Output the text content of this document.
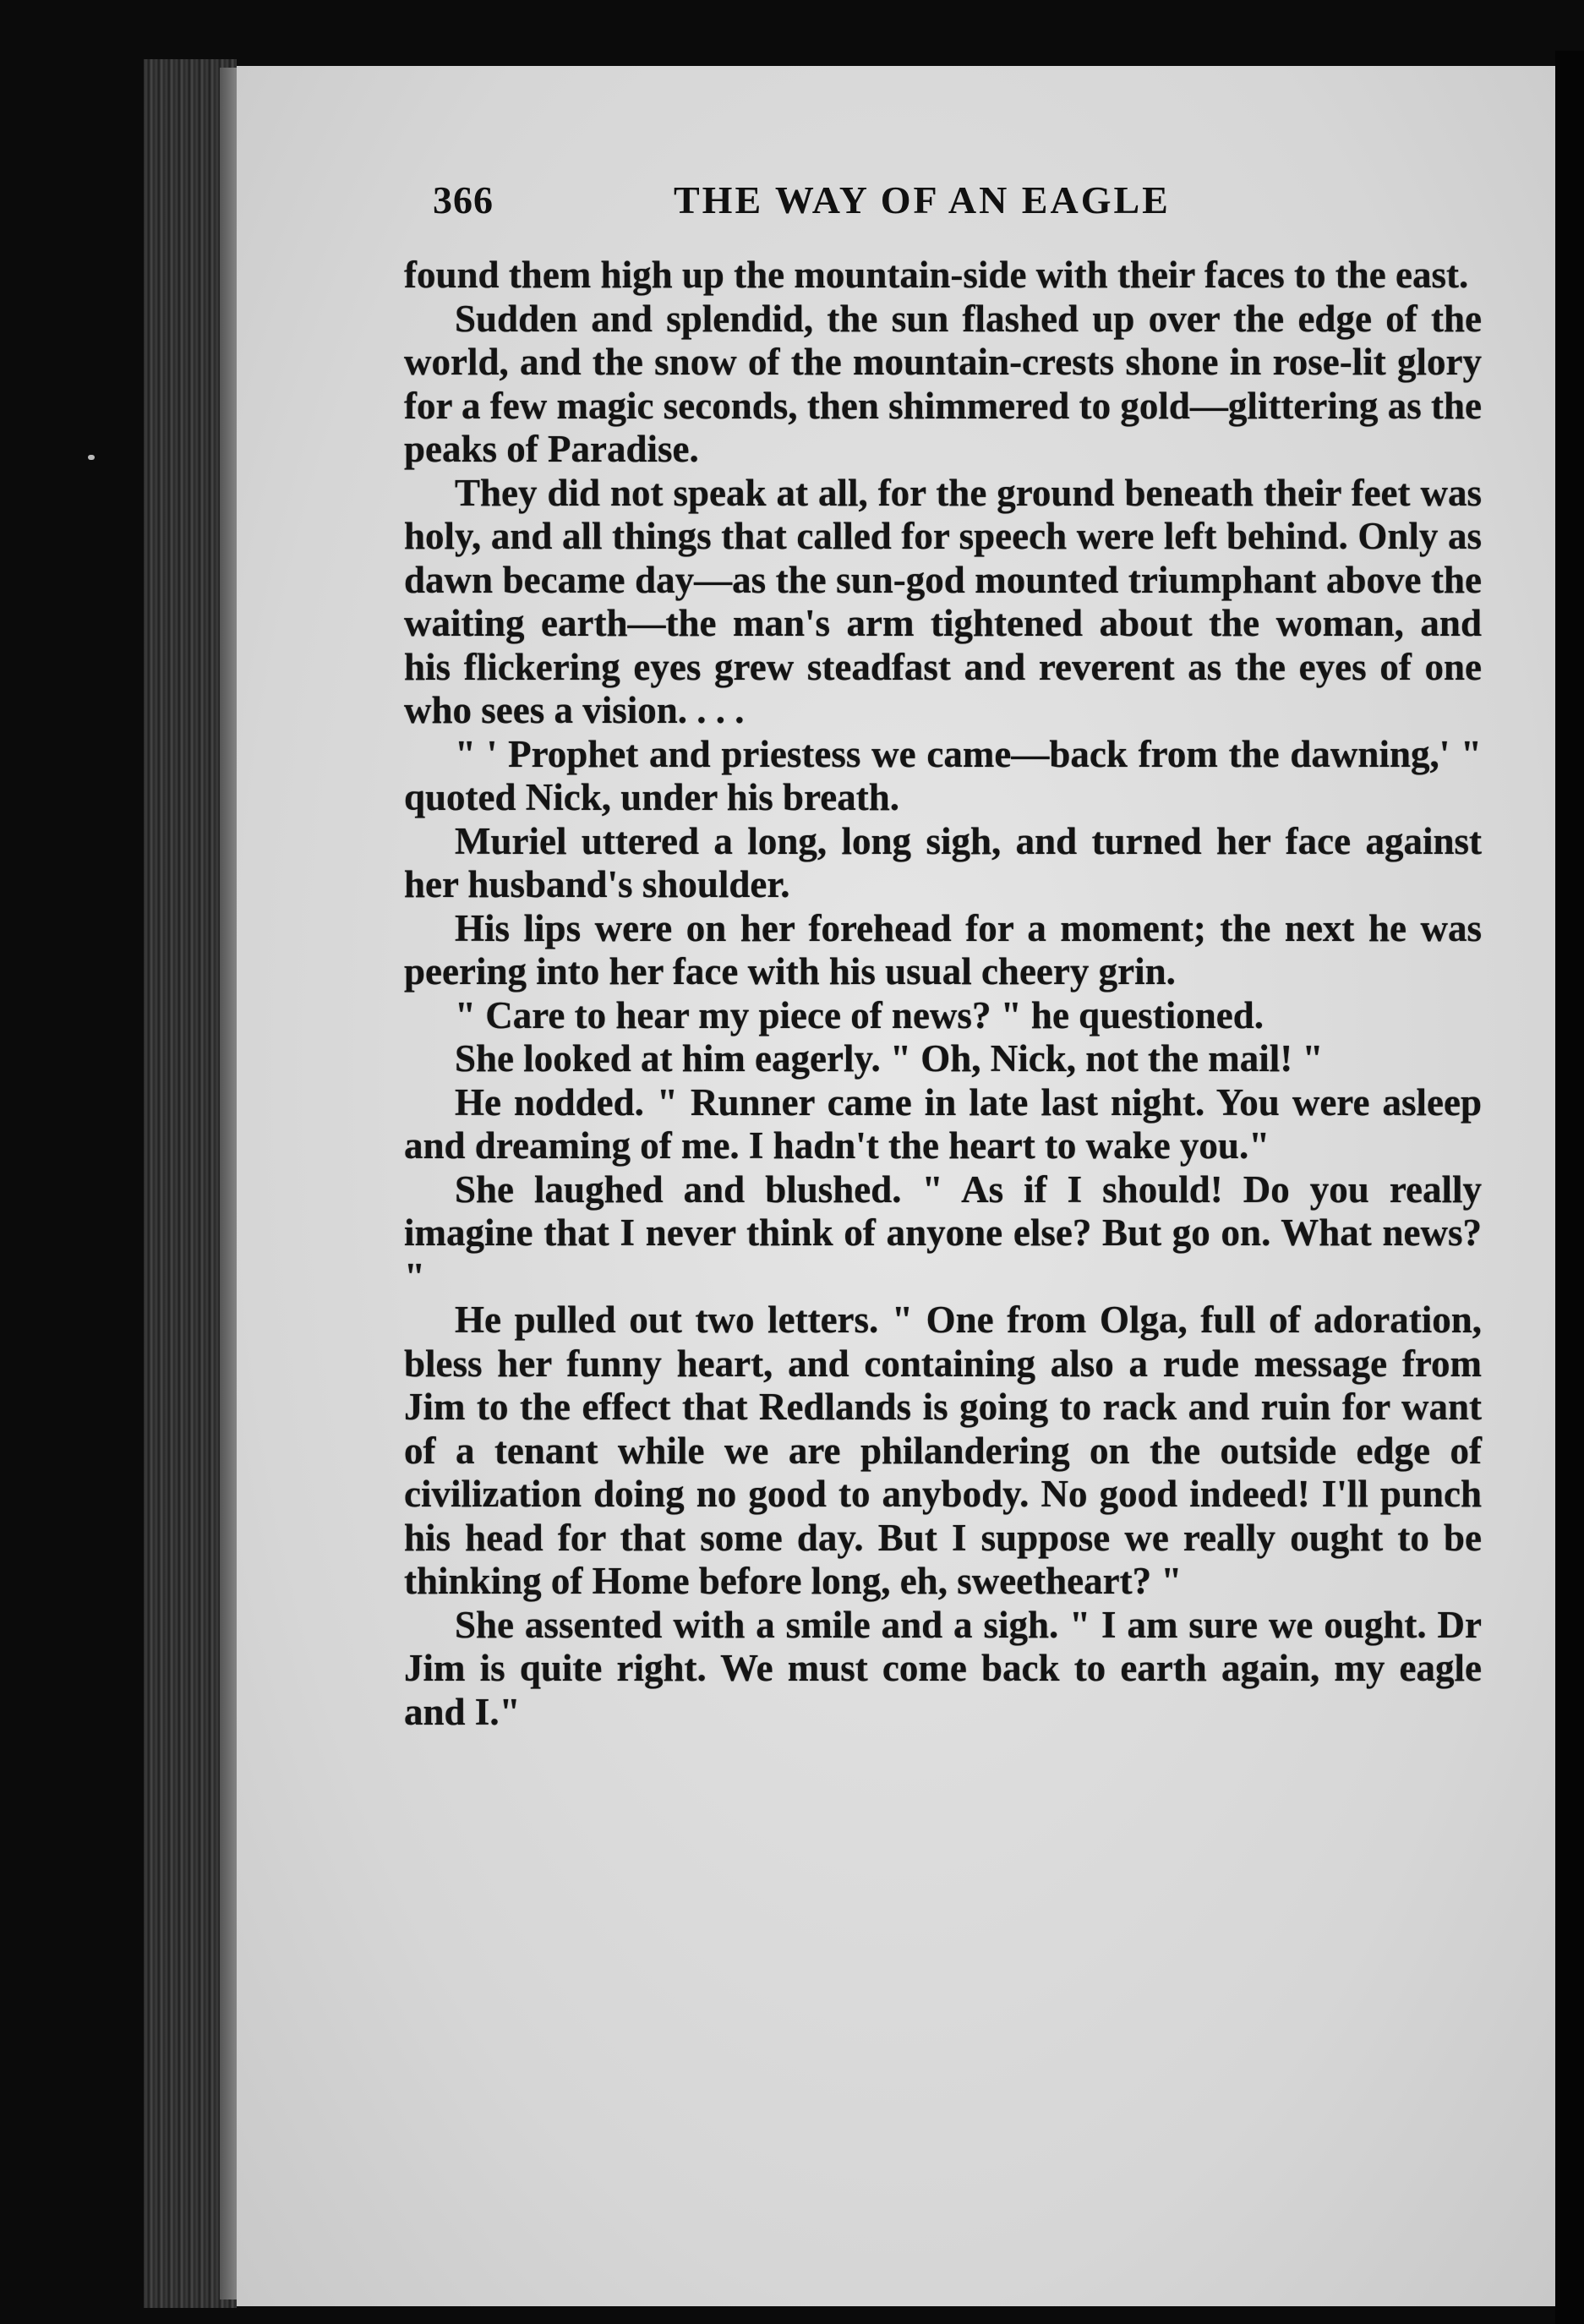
366	THE WAY OF AN EAGLE

found them high up the mountain-side with their faces to the east.

Sudden and splendid, the sun flashed up over the edge of the world, and the snow of the mountain-crests shone in rose-lit glory for a few magic seconds, then shimmered to gold—glittering as the peaks of Paradise.

They did not speak at all, for the ground beneath their feet was holy, and all things that called for speech were left behind. Only as dawn became day—as the sun-god mounted triumphant above the waiting earth—the man's arm tightened about the woman, and his flickering eyes grew steadfast and reverent as the eyes of one who sees a vision. . . .

" ' Prophet and priestess we came—back from the dawning,' " quoted Nick, under his breath.

Muriel uttered a long, long sigh, and turned her face against her husband's shoulder.

His lips were on her forehead for a moment; the next he was peering into her face with his usual cheery grin.

" Care to hear my piece of news? " he questioned.

She looked at him eagerly. " Oh, Nick, not the mail! "

He nodded. " Runner came in late last night. You were asleep and dreaming of me. I hadn't the heart to wake you."

She laughed and blushed. " As if I should! Do you really imagine that I never think of anyone else? But go on. What news? "

He pulled out two letters. " One from Olga, full of adoration, bless her funny heart, and containing also a rude message from Jim to the effect that Redlands is going to rack and ruin for want of a tenant while we are philandering on the outside edge of civilization doing no good to anybody. No good indeed! I'll punch his head for that some day. But I suppose we really ought to be thinking of Home before long, eh, sweetheart? "

She assented with a smile and a sigh. " I am sure we ought. Dr Jim is quite right. We must come back to earth again, my eagle and I."
